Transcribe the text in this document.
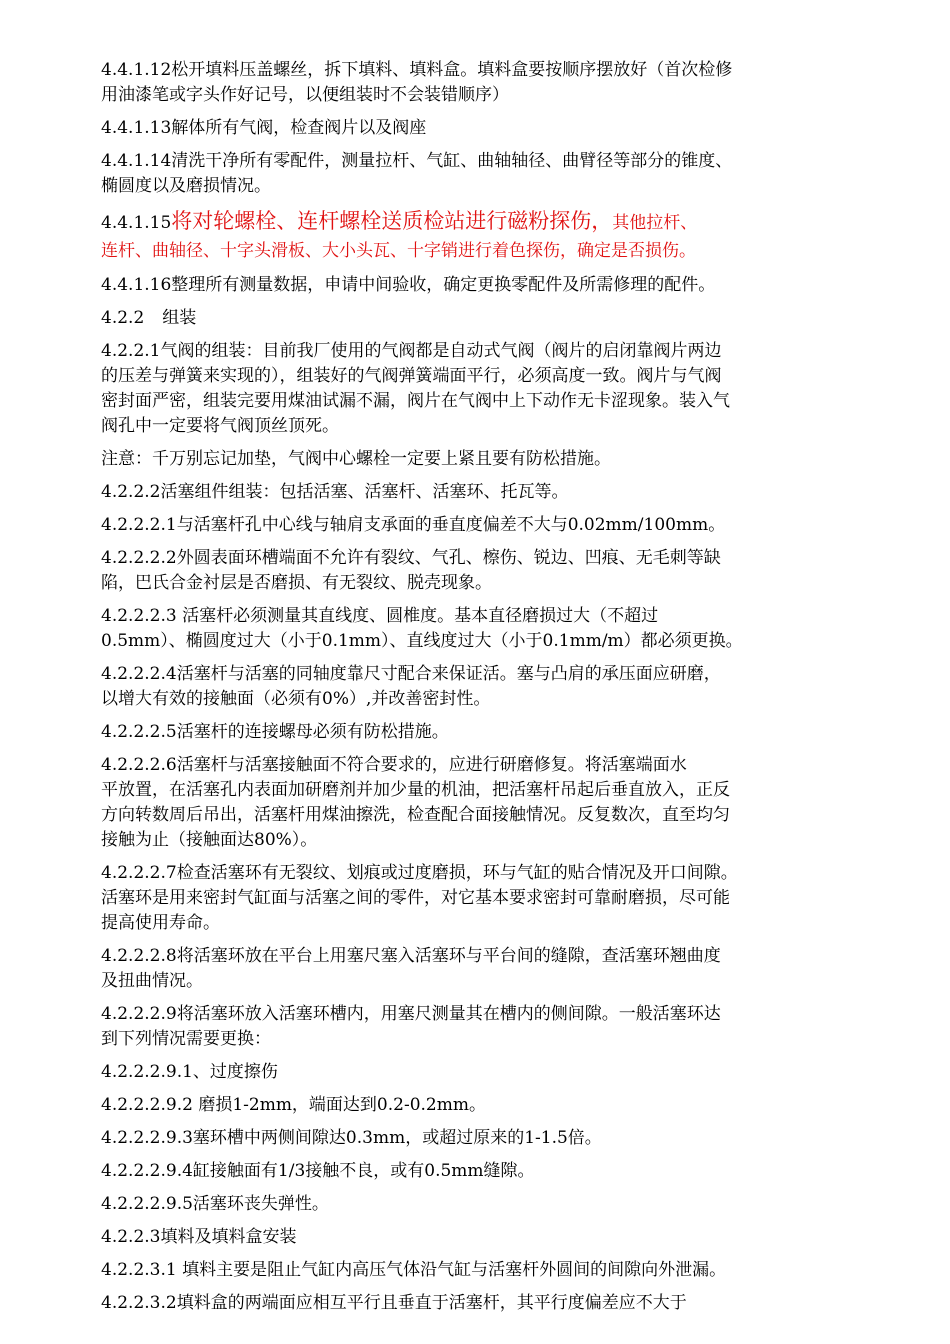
4.4.1.12松开填料压盖螺丝，拆下填料、填料盒。填料盒要按顺序摆放好（首次检修
用油漆笔或字头作好记号，以便组装时不会装错顺序）

4.4.1.13解体所有气阀，检查阀片以及阀座

4.4.1.14清洗干净所有零配件，测量拉杆、气缸、曲轴轴径、曲臂径等部分的锥度、
椭圆度以及磨损情况。

4.4.1.15将对轮螺栓、连杆螺栓送质检站进行磁粉探伤，其他拉杆、
连杆、曲轴径、十字头滑板、大小头瓦、十字销进行着色探伤，确定是否损伤。

4.4.1.16整理所有测量数据，申请中间验收，确定更换零配件及所需修理的配件。

4.2.2 组装

4.2.2.1气阀的组装：目前我厂使用的气阀都是自动式气阀（阀片的启闭靠阀片两边
的压差与弹簧来实现的），组装好的气阀弹簧端面平行，必须高度一致。阀片与气阀
密封面严密，组装完要用煤油试漏不漏，阀片在气阀中上下动作无卡涩现象。装入气
阀孔中一定要将气阀顶丝顶死。

注意：千万别忘记加垫，气阀中心螺栓一定要上紧且要有防松措施。

4.2.2.2活塞组件组装：包括活塞、活塞杆、活塞环、托瓦等。

4.2.2.2.1与活塞杆孔中心线与轴肩支承面的垂直度偏差不大与0.02mm/100mm。

4.2.2.2.2外圆表面环槽端面不允许有裂纹、气孔、檫伤、锐边、凹痕、无毛刺等缺
陷，巴氏合金衬层是否磨损、有无裂纹、脱壳现象。

4.2.2.2.3 活塞杆必须测量其直线度、圆椎度。基本直径磨损过大（不超过
0.5mm）、椭圆度过大（小于0.1mm）、直线度过大（小于0.1mm/m）都必须更换。

4.2.2.2.4活塞杆与活塞的同轴度靠尺寸配合来保证活。塞与凸肩的承压面应研磨，
以增大有效的接触面（必须有0%）,并改善密封性。

4.2.2.2.5活塞杆的连接螺母必须有防松措施。

4.2.2.2.6活塞杆与活塞接触面不符合要求的，应进行研磨修复。将活塞端面水
平放置，在活塞孔内表面加研磨剂并加少量的机油，把活塞杆吊起后垂直放入，正反
方向转数周后吊出，活塞杆用煤油擦洗，检查配合面接触情况。反复数次，直至均匀
接触为止（接触面达80%）。

4.2.2.2.7检查活塞环有无裂纹、划痕或过度磨损，环与气缸的贴合情况及开口间隙。
活塞环是用来密封气缸面与活塞之间的零件，对它基本要求密封可靠耐磨损，尽可能
提高使用寿命。

4.2.2.2.8将活塞环放在平台上用塞尺塞入活塞环与平台间的缝隙，查活塞环翘曲度
及扭曲情况。

4.2.2.2.9将活塞环放入活塞环槽内，用塞尺测量其在槽内的侧间隙。一般活塞环达
到下列情况需要更换：

4.2.2.2.9.1、过度擦伤

4.2.2.2.9.2 磨损1-2mm，端面达到0.2-0.2mm。

4.2.2.2.9.3塞环槽中两侧间隙达0.3mm，或超过原来的1-1.5倍。

4.2.2.2.9.4缸接触面有1/3接触不良，或有0.5mm缝隙。

4.2.2.2.9.5活塞环丧失弹性。

4.2.2.3填料及填料盒安装

4.2.2.3.1 填料主要是阻止气缸内高压气体沿气缸与活塞杆外圆间的间隙向外泄漏。

4.2.2.3.2填料盒的两端面应相互平行且垂直于活塞杆，其平行度偏差应不大于
